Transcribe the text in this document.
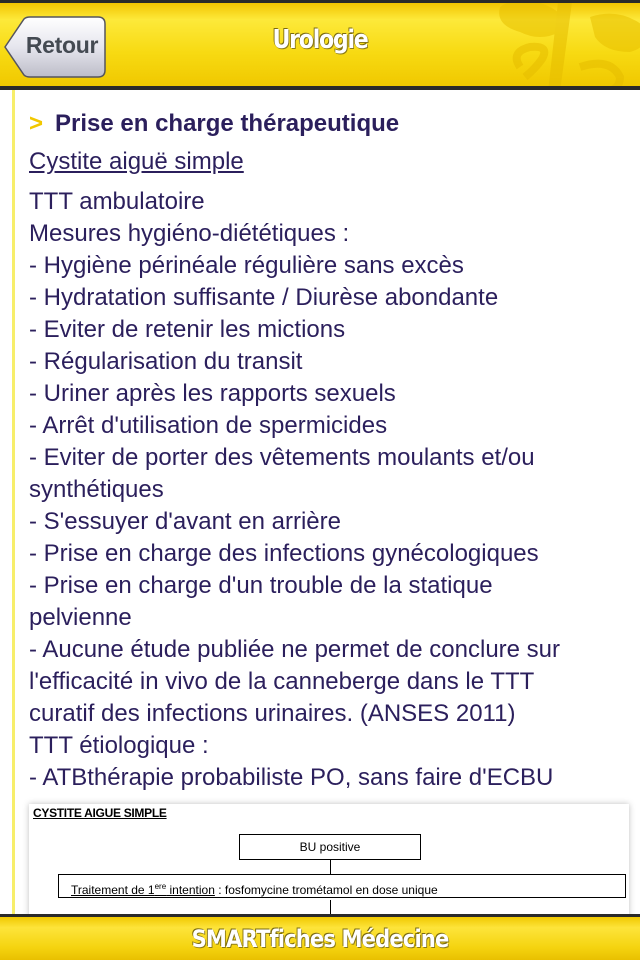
Retour	Urologie
> Prise en charge thérapeutique
Cystite aiguë simple
TTT ambulatoire
Mesures hygiéno-diététiques :
- Hygiène périnéale régulière sans excès
- Hydratation suffisante / Diurèse abondante
- Eviter de retenir les mictions
- Régularisation du transit
- Uriner après les rapports sexuels
- Arrêt d'utilisation de spermicides
- Eviter de porter des vêtements moulants et/ou
synthétiques
- S'essuyer d'avant en arrière
- Prise en charge des infections gynécologiques
- Prise en charge d'un trouble de la statique
pelvienne
- Aucune étude publiée ne permet de conclure sur
l'efficacité in vivo de la canneberge dans le TTT
curatif des infections urinaires. (ANSES 2011)
TTT étiologique :
- ATBthérapie probabiliste PO, sans faire d'ECBU
CYSTITE AIGUE SIMPLE
BU positive
Traitement de 1ere intention : fosfomycine trométamol en dose unique
SMARTfiches Médecine
